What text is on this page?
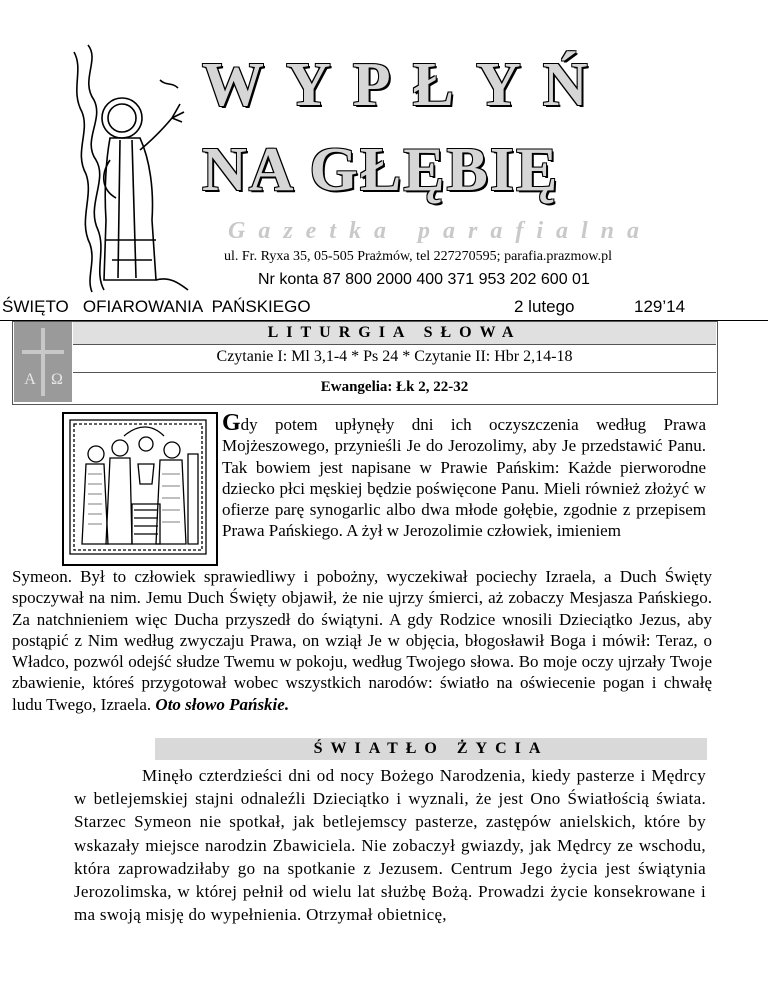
WYPŁYŃ
NA GŁĘBIĘ
Gazetka parafialna
ul. Fr. Ryxa 35, 05-505 Prażmów, tel 227270595; parafia.prazmow.pl
Nr konta 87 800 2000 400 371 953 202 600 01
ŚWIĘTO   OFIAROWANIA  PAŃSKIEGO	2 lutego	129’14
A Ω
LITURGIA SŁOWA
Czytanie I: Ml 3,1-4 * Ps 24 * Czytanie II: Hbr 2,14-18
Ewangelia: Łk 2, 22-32
Gdy potem upłynęły dni ich oczyszczenia według Prawa Mojżeszowego, przynieśli Je do Jerozolimy, aby Je przedstawić Panu. Tak bowiem jest napisane w Prawie Pańskim: Każde pierworodne dziecko płci męskiej będzie poświęcone Panu. Mieli również złożyć w ofierze parę synogarlic albo dwa młode gołębie, zgodnie z przepisem Prawa Pańskiego. A żył w Jerozolimie człowiek, imieniem
Symeon. Był to człowiek sprawiedliwy i pobożny, wyczekiwał pociechy Izraela, a Duch Święty spoczywał na nim. Jemu Duch Święty objawił, że nie ujrzy śmierci, aż zobaczy Mesjasza Pańskiego. Za natchnieniem więc Ducha przyszedł do świątyni. A gdy Rodzice wnosili Dzieciątko Jezus, aby postąpić z Nim według zwyczaju Prawa, on wziął Je w objęcia, błogosławił Boga i mówił: Teraz, o Władco, pozwól odejść słudze Twemu w pokoju, według Twojego słowa. Bo moje oczy ujrzały Twoje zbawienie, któreś przygotował wobec wszystkich narodów: światło na oświecenie pogan i chwałę ludu Twego, Izraela. Oto słowo Pańskie.
ŚWIATŁO ŻYCIA

Minęło czterdzieści dni od nocy Bożego Narodzenia, kiedy pasterze i Mędrcy w betlejemskiej stajni odnaleźli Dzieciątko i wyznali, że jest Ono Światłością świata. Starzec Symeon nie spotkał, jak betlejemscy pasterze, zastępów anielskich, które by wskazały miejsce narodzin Zbawiciela. Nie zobaczył gwiazdy, jak Mędrcy ze wschodu, która zaprowadziłaby go na spotkanie z Jezusem. Centrum Jego życia jest świątynia Jerozolimska, w której pełnił od wielu lat służbę Bożą. Prowadzi życie konsekrowane i ma swoją misję do wypełnienia. Otrzymał obietnicę,
